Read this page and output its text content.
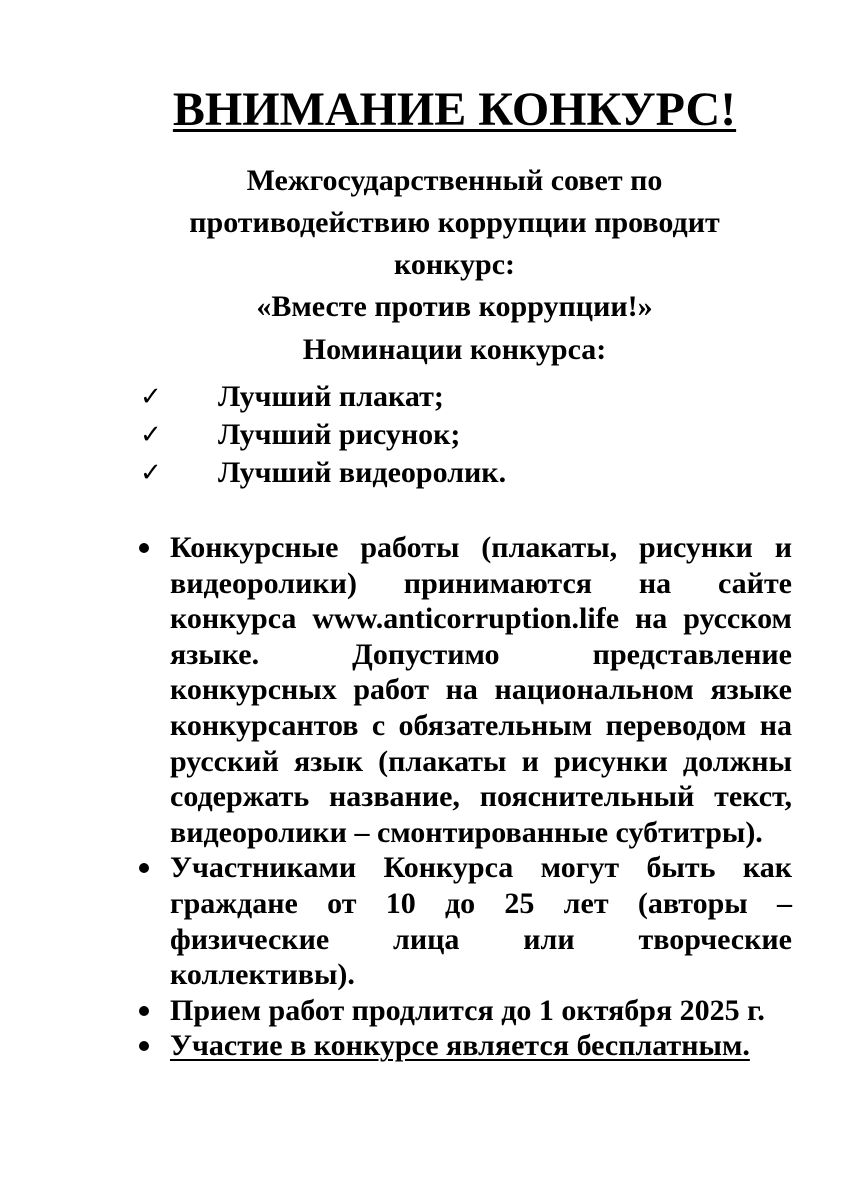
ВНИМАНИЕ КОНКУРС!
Межгосударственный совет по
противодействию коррупции проводит
конкурс:
«Вместе против коррупции!»
Номинации конкурса:
✓	Лучший плакат;
✓	Лучший рисунок;
✓	Лучший видеоролик.
Конкурсные работы (плакаты, рисунки и видеоролики) принимаются на сайте конкурса www.anticorruption.life на русском языке. Допустимо представление конкурсных работ на национальном языке конкурсантов с обязательным переводом на русский язык (плакаты и рисунки должны содержать название, пояснительный текст, видеоролики – смонтированные субтитры).
Участниками Конкурса могут быть как граждане от 10 до 25 лет (авторы – физические лица или творческие коллективы).
Прием работ продлится до 1 октября 2025 г.
Участие в конкурсе является бесплатным.
